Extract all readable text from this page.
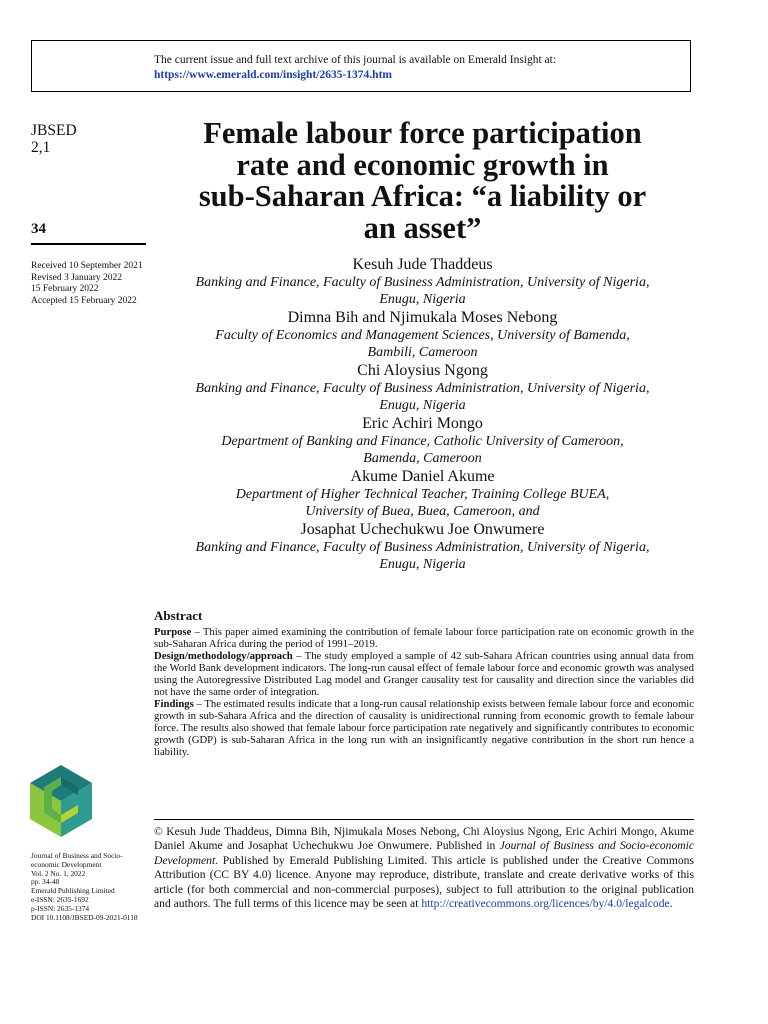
The current issue and full text archive of this journal is available on Emerald Insight at:
https://www.emerald.com/insight/2635-1374.htm
JBSED
2,1
34
Received 10 September 2021
Revised 3 January 2022
15 February 2022
Accepted 15 February 2022
Female labour force participation
rate and economic growth in
sub-Saharan Africa: “a liability or
an asset”
Kesuh Jude Thaddeus
Banking and Finance, Faculty of Business Administration, University of Nigeria,
Enugu, Nigeria
Dimna Bih and Njimukala Moses Nebong
Faculty of Economics and Management Sciences, University of Bamenda,
Bambili, Cameroon
Chi Aloysius Ngong
Banking and Finance, Faculty of Business Administration, University of Nigeria,
Enugu, Nigeria
Eric Achiri Mongo
Department of Banking and Finance, Catholic University of Cameroon,
Bamenda, Cameroon
Akume Daniel Akume
Department of Higher Technical Teacher, Training College BUEA,
University of Buea, Buea, Cameroon, and
Josaphat Uchechukwu Joe Onwumere
Banking and Finance, Faculty of Business Administration, University of Nigeria,
Enugu, Nigeria
Abstract

Purpose – This paper aimed examining the contribution of female labour force participation rate on economic growth in the sub-Saharan Africa during the period of 1991–2019.

Design/methodology/approach – The study employed a sample of 42 sub-Sahara African countries using annual data from the World Bank development indicators. The long-run causal effect of female labour force and economic growth was analysed using the Autoregressive Distributed Lag model and Granger causality test for causality and direction since the variables did not have the same order of integration.

Findings – The estimated results indicate that a long-run causal relationship exists between female labour force and economic growth in sub-Sahara Africa and the direction of causality is unidirectional running from economic growth to female labour force. The results also showed that female labour force participation rate negatively and significantly contributes to economic growth (GDP) is sub-Saharan Africa in the long run with an insignificantly negative contribution in the short run hence a liability.

Journal of Business and Socio-
economic Development
Vol. 2 No. 1, 2022
pp. 34-48
Emerald Publishing Limited
e-ISSN: 2635-1692
p-ISSN: 2635-1374
DOI 10.1108/JBSED-09-2021-0118
© Kesuh Jude Thaddeus, Dimna Bih, Njimukala Moses Nebong, Chi Aloysius Ngong, Eric Achiri Mongo, Akume Daniel Akume and Josaphat Uchechukwu Joe Onwumere. Published in Journal of Business and Socio-economic Development. Published by Emerald Publishing Limited. This article is published under the Creative Commons Attribution (CC BY 4.0) licence. Anyone may reproduce, distribute, translate and create derivative works of this article (for both commercial and non-commercial purposes), subject to full attribution to the original publication and authors. The full terms of this licence may be seen at http://creativecommons.org/licences/by/4.0/legalcode.
